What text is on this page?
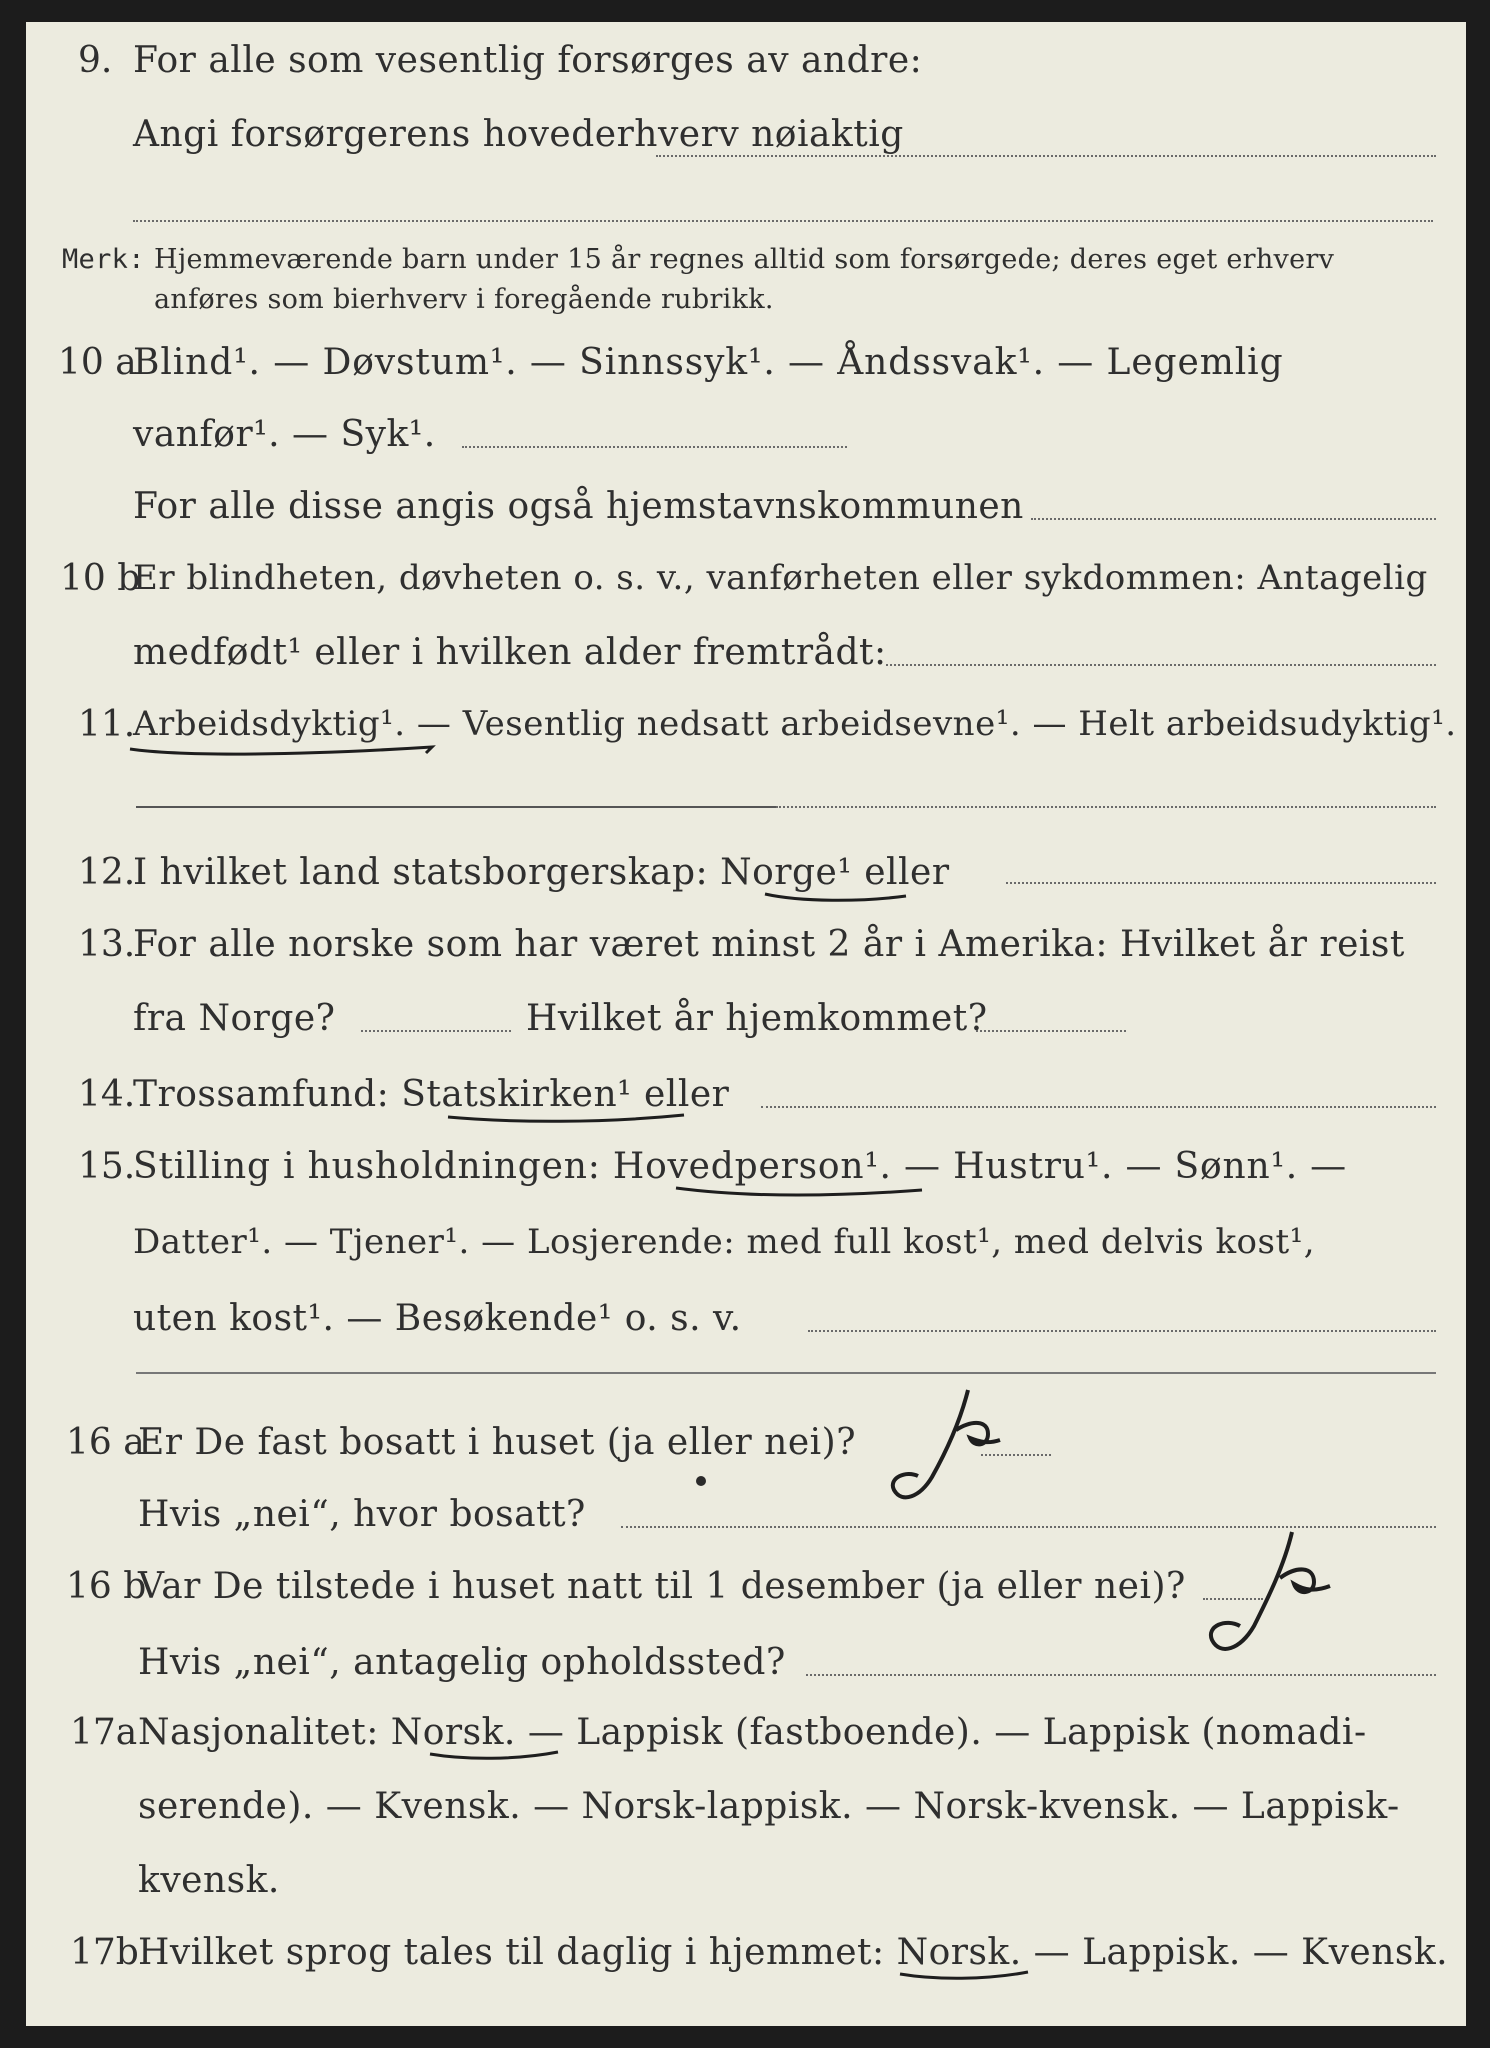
9. For alle som vesentlig forsørges av andre:
Angi forsørgerens hovederhverv nøiaktig
Merk: Hjemmeværende barn under 15 år regnes alltid som forsørgede; deres eget erhverv
anføres som bierhverv i foregående rubrikk.
10 a
Blind¹. — Døvstum¹. — Sinnssyk¹. — Åndssvak¹. — Legemlig
vanfør¹. — Syk¹.
For alle disse angis også hjemstavnskommunen
10 b
Er blindheten, døvheten o. s. v., vanførheten eller sykdommen: Antagelig
medfødt¹ eller i hvilken alder fremtrådt:
11.
Arbeidsdyktig¹. — Vesentlig nedsatt arbeidsevne¹. — Helt arbeidsudyktig¹.
12.
I hvilket land statsborgerskap: Norge¹ eller
13.
For alle norske som har været minst 2 år i Amerika: Hvilket år reist
fra Norge?	Hvilket år hjemkommet?
14.
Trossamfund: Statskirken¹ eller
15.
Stilling i husholdningen: Hovedperson¹. — Hustru¹. — Sønn¹. —
Datter¹. — Tjener¹. — Losjerende: med full kost¹, med delvis kost¹,
uten kost¹. — Besøkende¹ o. s. v.
16 a
Er De fast bosatt i huset (ja eller nei)?
Ja
Hvis „nei“, hvor bosatt?
16 b
Var De tilstede i huset natt til 1 desember (ja eller nei)?
Ja
Hvis „nei“, antagelig opholdssted?
17a Nasjonalitet: Norsk. — Lappisk (fastboende). — Lappisk (nomadi-
serende). — Kvensk. — Norsk-lappisk. — Norsk-kvensk. — Lappisk-
kvensk.
17b Hvilket sprog tales til daglig i hjemmet: Norsk. — Lappisk. — Kvensk.
